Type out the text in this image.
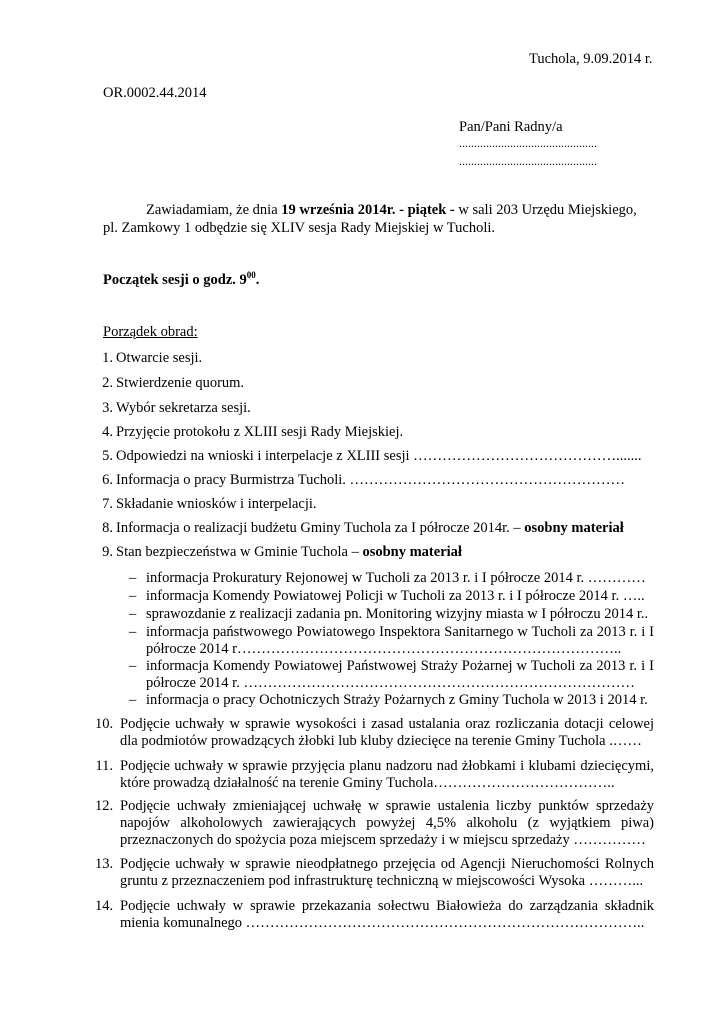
Tuchola, 9.09.2014 r.
OR.0002.44.2014
Pan/Pani Radny/a
..............................................
..............................................
Zawiadamiam, że dnia 19 września 2014r. - piątek - w sali 203 Urzędu Miejskiego,
pl. Zamkowy 1 odbędzie się XLIV sesja Rady Miejskiej w Tucholi.
Początek sesji o godz. $9^{00}$.
Porządek obrad:
1. Otwarcie sesji.
2. Stwierdzenie quorum.
3. Wybór sekretarza sesji.
4. Przyjęcie protokołu z XLIII sesji Rady Miejskiej.
5. Odpowiedzi na wnioski i interpelacje z XLIII sesji …………………………………….......
6. Informacja o pracy Burmistrza Tucholi. …………………………………………………
7. Składanie wniosków i interpelacji.
8. Informacja o realizacji budżetu Gminy Tuchola za I półrocze 2014r. – osobny materiał
9. Stan bezpieczeństwa w Gminie Tuchola – osobny materiał
– informacja Prokuratury Rejonowej w Tucholi za 2013 r. i I półrocze 2014 r. …………
– informacja Komendy Powiatowej Policji w Tucholi za 2013 r. i I półrocze 2014 r. …..
– sprawozdanie z realizacji zadania pn. Monitoring wizyjny miasta w I półroczu 2014 r..
– informacja państwowego Powiatowego Inspektora Sanitarnego w Tucholi za 2013 r. i I półrocze 2014 r……………………………………………………………………..
– informacja Komendy Powiatowej Państwowej Straży Pożarnej w Tucholi za 2013 r. i I półrocze 2014 r. ………………………………………………………………………
– informacja o pracy Ochotniczych Straży Pożarnych z Gminy Tuchola w 2013 i 2014 r.
10. Podjęcie uchwały w sprawie wysokości i zasad ustalania oraz rozliczania dotacji celowej dla podmiotów prowadzących żłobki lub kluby dziecięce na terenie Gminy Tuchola .……
11. Podjęcie uchwały w sprawie przyjęcia planu nadzoru nad żłobkami i klubami dziecięcymi, które prowadzą działalność na terenie Gminy Tuchola………………………………..
12. Podjęcie uchwały zmieniającej uchwałę w sprawie ustalenia liczby punktów sprzedaży napojów alkoholowych zawierających powyżej 4,5% alkoholu (z wyjątkiem piwa) przeznaczonych do spożycia poza miejscem sprzedaży i w miejscu sprzedaży ……………
13. Podjęcie uchwały w sprawie nieodpłatnego przejęcia od Agencji Nieruchomości Rolnych gruntu z przeznaczeniem pod infrastrukturę techniczną w miejscowości Wysoka ………...
14. Podjęcie uchwały w sprawie przekazania sołectwu Białowieża do zarządzania składnik mienia komunalnego ………………………………………………………………………..
